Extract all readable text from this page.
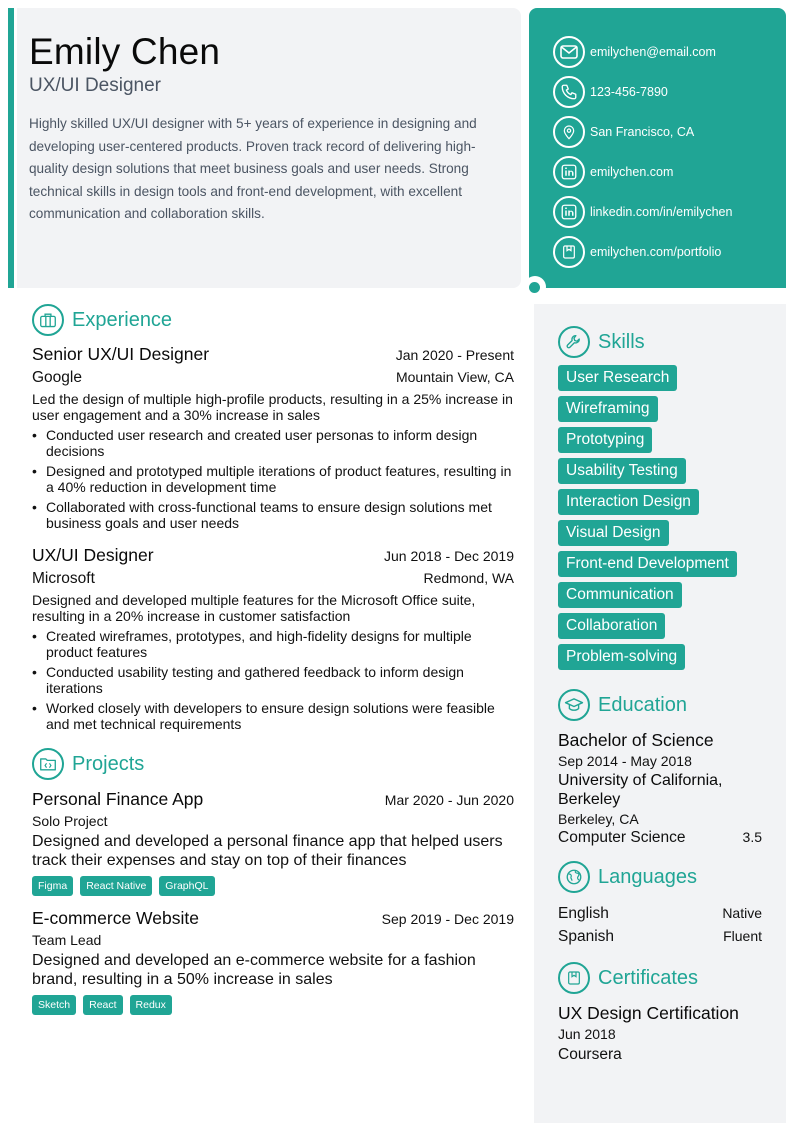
Emily Chen
UX/UI Designer
Highly skilled UX/UI designer with 5+ years of experience in designing and developing user-centered products. Proven track record of delivering high-quality design solutions that meet business goals and user needs. Strong technical skills in design tools and front-end development, with excellent communication and collaboration skills.
emilychen@email.com
123-456-7890
San Francisco, CA
emilychen.com
linkedin.com/in/emilychen
emilychen.com/portfolio
Experience
Senior UX/UI Designer	Jan 2020 - Present
Google	Mountain View, CA
Led the design of multiple high-profile products, resulting in a 25% increase in user engagement and a 30% increase in sales
• Conducted user research and created user personas to inform design decisions
• Designed and prototyped multiple iterations of product features, resulting in a 40% reduction in development time
• Collaborated with cross-functional teams to ensure design solutions met business goals and user needs
UX/UI Designer	Jun 2018 - Dec 2019
Microsoft	Redmond, WA
Designed and developed multiple features for the Microsoft Office suite, resulting in a 20% increase in customer satisfaction
• Created wireframes, prototypes, and high-fidelity designs for multiple product features
• Conducted usability testing and gathered feedback to inform design iterations
• Worked closely with developers to ensure design solutions were feasible and met technical requirements
Projects
Personal Finance App	Mar 2020 - Jun 2020
Solo Project
Designed and developed a personal finance app that helped users track their expenses and stay on top of their finances
Figma	React Native	GraphQL
E-commerce Website	Sep 2019 - Dec 2019
Team Lead
Designed and developed an e-commerce website for a fashion brand, resulting in a 50% increase in sales
Sketch	React	Redux
Skills
User Research
Wireframing
Prototyping
Usability Testing
Interaction Design
Visual Design
Front-end Development
Communication
Collaboration
Problem-solving
Education
Bachelor of Science
Sep 2014 - May 2018
University of California, Berkeley
Berkeley, CA
Computer Science	3.5
Languages
English	Native
Spanish	Fluent
Certificates
UX Design Certification
Jun 2018
Coursera
